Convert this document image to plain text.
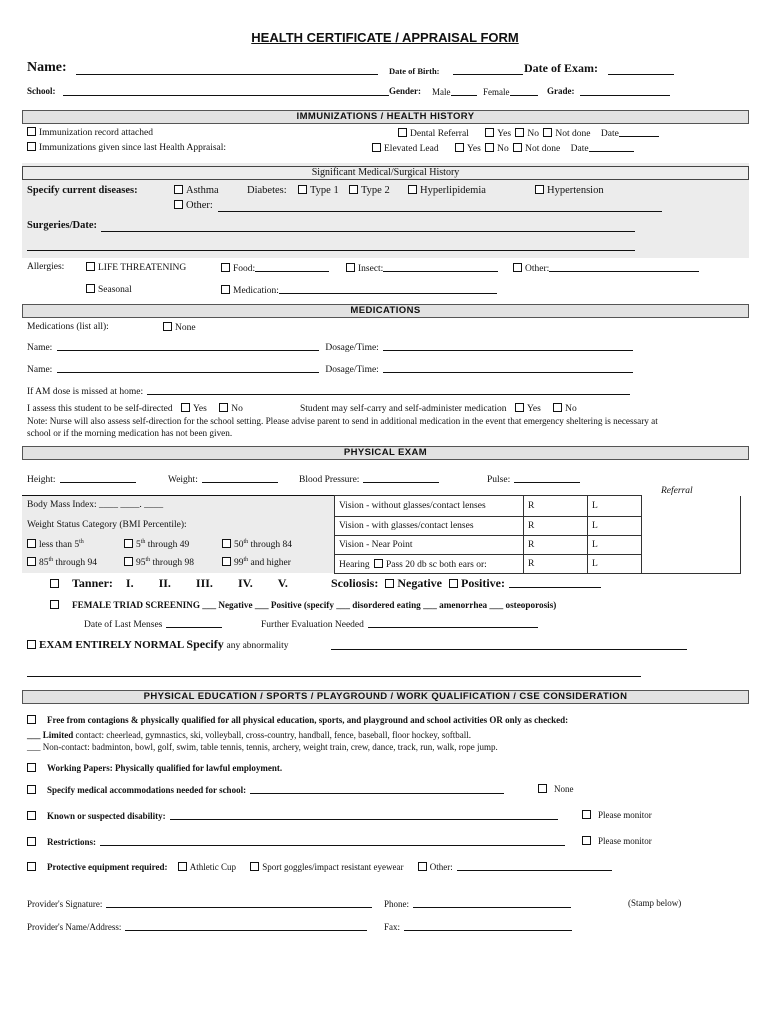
HEALTH CERTIFICATE / APPRAISAL FORM
Name:	Date of Birth:	Date of Exam:
School:	Gender: Male	Female	Grade:
IMMUNIZATIONS / HEALTH HISTORY
Immunization record attached
Immunizations given since last Health Appraisal:
Dental Referral	Yes No Not done Date
Elevated Lead	Yes No Not done Date
Significant Medical/Surgical History
Specify current diseases:	Asthma	Diabetes:	Type 1	Type 2	Hyperlipidemia	Hypertension
Other:
Surgeries/Date:
Allergies:	LIFE THREATENING	Food:	Insect:	Other:
Seasonal	Medication:
MEDICATIONS
Medications (list all):	None
Name:	Dosage/Time:
Name:	Dosage/Time:
If AM dose is missed at home:
I assess this student to be self-directed Yes	No	Student may self-carry and self-administer medication Yes	No
Note: Nurse will also assess self-direction for the school setting. Please advise parent to send in additional medication in the event that emergency sheltering is necessary at
school or if the morning medication has not been given.
PHYSICAL EXAM
Height:	Weight:	Blood Pressure:	Pulse:
Referral
Body Mass Index: ____ ____. ____
Weight Status Category (BMI Percentile):
less than 5th	5th through 49	50th through 84
85th through 94	95th through 98	99th and higher
Vision - without glasses/contact lenses	R	L	
Vision - with glasses/contact lenses	R	L	
Vision - Near Point	R	L	
Hearing Pass 20 db sc both ears or:	R	L	
Tanner: I. II. III. IV. V.	Scoliosis: Negative Positive:
FEMALE TRIAD SCREENING ___ Negative ___ Positive (specify ___ disordered eating ___ amenorrhea ___ osteoporosis)
Date of Last Menses	Further Evaluation Needed
EXAM ENTIRELY NORMAL Specify any abnormality
PHYSICAL EDUCATION / SPORTS / PLAYGROUND / WORK QUALIFICATION / CSE CONSIDERATION
Free from contagions & physically qualified for all physical education, sports, and playground and school activities OR only as checked:
___ Limited contact: cheerlead, gymnastics, ski, volleyball, cross-country, handball, fence, baseball, floor hockey, softball.
___ Non-contact: badminton, bowl, golf, swim, table tennis, tennis, archery, weight train, crew, dance, track, run, walk, rope jump.
Working Papers: Physically qualified for lawful employment.
Specify medical accommodations needed for school:	None
Known or suspected disability:	Please monitor
Restrictions:	Please monitor
Protective equipment required: Athletic Cup	Sport goggles/impact resistant eyewear	Other:
Provider's Signature:	Phone:	(Stamp below)
Provider's Name/Address:	Fax:
